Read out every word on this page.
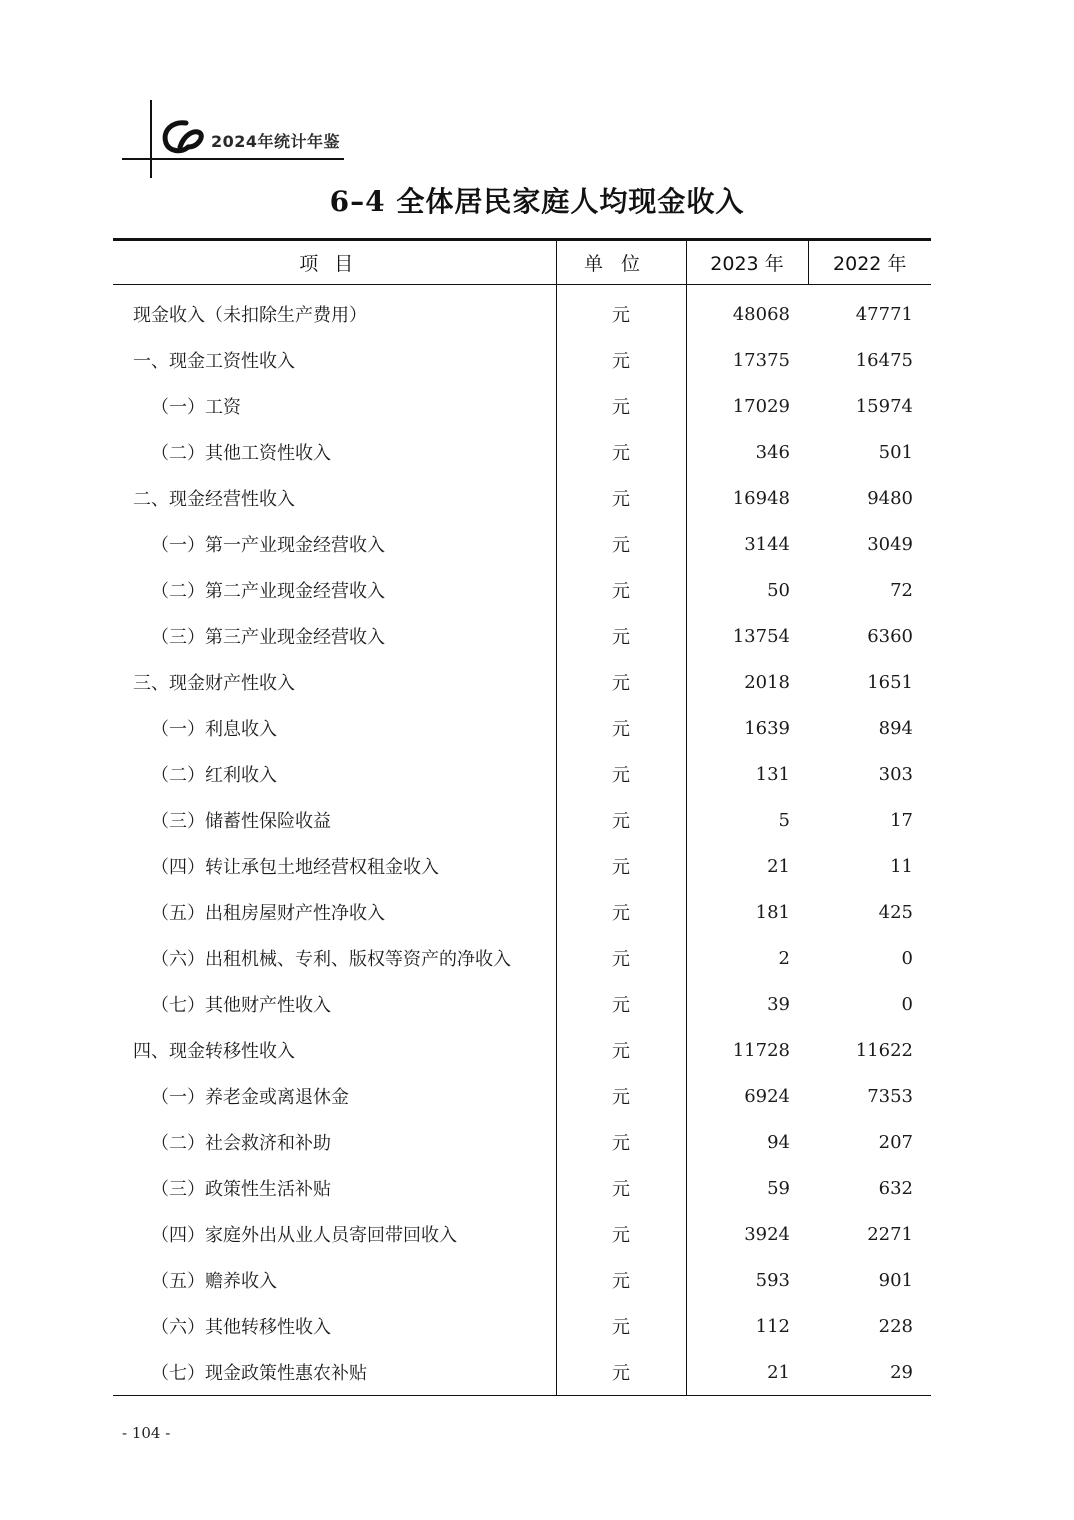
2024年统计年鉴
6–4 全体居民家庭人均现金收入
项目	单位	2023 年	2022 年
现金收入（未扣除生产费用）	元	48068	47771
一、现金工资性收入	元	17375	16475
（一）工资	元	17029	15974
（二）其他工资性收入	元	346	501
二、现金经营性收入	元	16948	9480
（一）第一产业现金经营收入	元	3144	3049
（二）第二产业现金经营收入	元	50	72
（三）第三产业现金经营收入	元	13754	6360
三、现金财产性收入	元	2018	1651
（一）利息收入	元	1639	894
（二）红利收入	元	131	303
（三）储蓄性保险收益	元	5	17
（四）转让承包土地经营权租金收入	元	21	11
（五）出租房屋财产性净收入	元	181	425
（六）出租机械、专利、版权等资产的净收入	元	2	0
（七）其他财产性收入	元	39	0
四、现金转移性收入	元	11728	11622
（一）养老金或离退休金	元	6924	7353
（二）社会救济和补助	元	94	207
（三）政策性生活补贴	元	59	632
（四）家庭外出从业人员寄回带回收入	元	3924	2271
（五）赡养收入	元	593	901
（六）其他转移性收入	元	112	228
（七）现金政策性惠农补贴	元	21	29
- 104 -
